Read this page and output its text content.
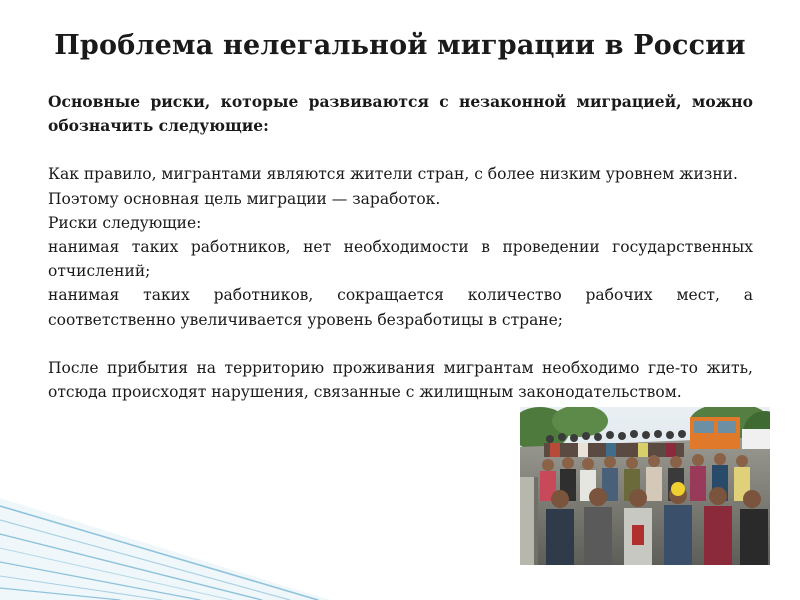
Проблема нелегальной миграции в России

Основные риски, которые развиваются с незаконной миграцией, можно обозначить следующие:

Как правило, мигрантами являются жители стран, с более низким уровнем жизни.

Поэтому основная цель миграции — заработок.

Риски следующие:

нанимая таких работников, нет необходимости в проведении государственных отчислений;

нанимая таких работников, сокращается количество рабочих мест, а соответственно увеличивается уровень безработицы в стране;

После прибытия на территорию проживания мигрантам необходимо где-то жить, отсюда происходят нарушения, связанные с жилищным законодательством.
